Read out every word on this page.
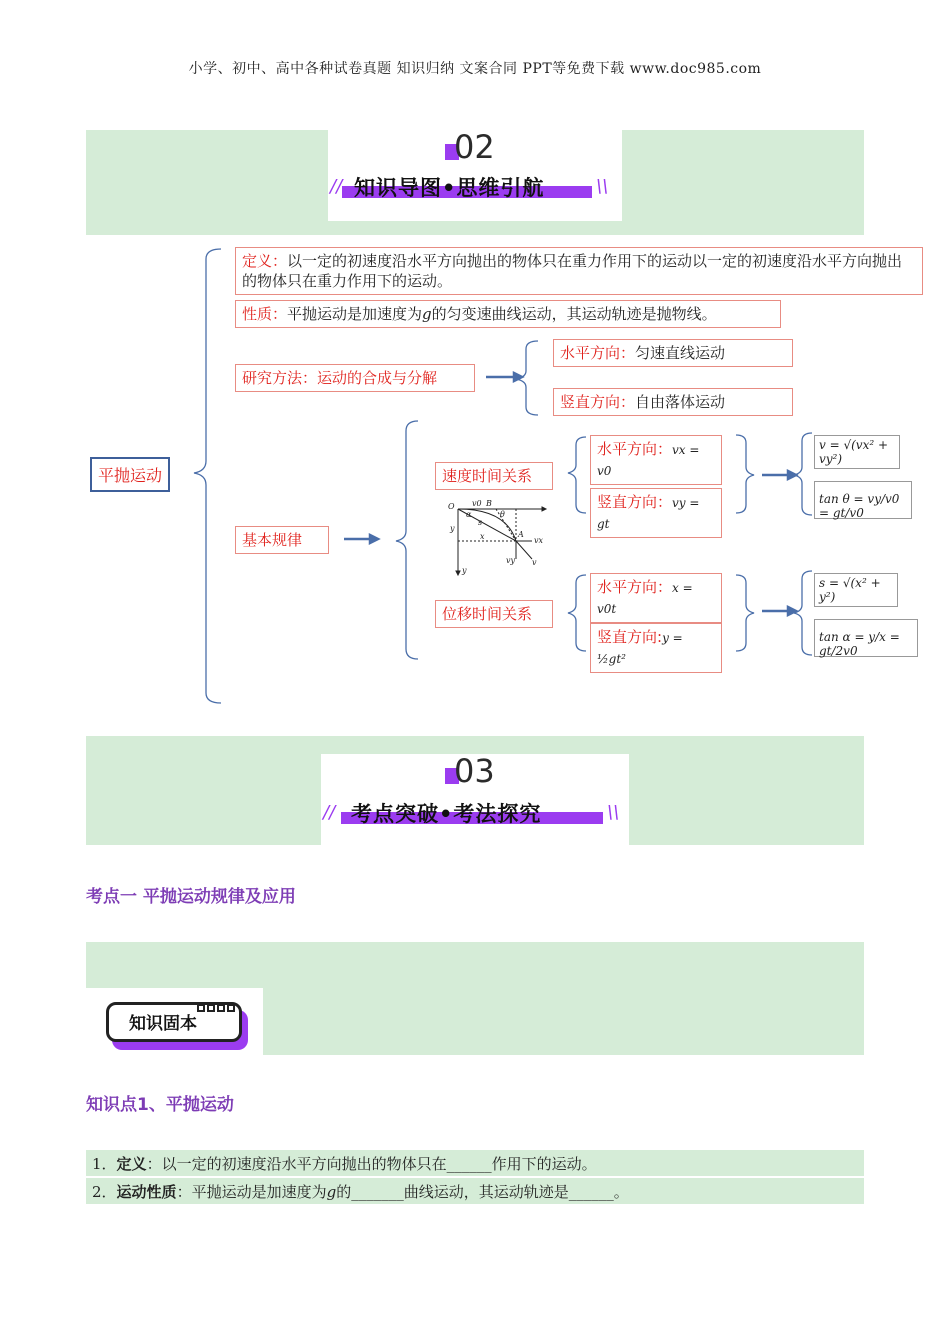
小学、初中、高中各种试卷真题 知识归纳 文案合同 PPT等免费下载 www.doc985.com
02
// 知识导图•思维引航	\\
平抛运动
定义：以一定的初速度沿水平方向抛出的物体只在重力作用下的运动以一定的初速度沿水平方向抛出的物体只在重力作用下的运动。
性质：平抛运动是加速度为g的匀变速曲线运动，其运动轨迹是抛物线。
研究方法：运动的合成与分解
水平方向：匀速直线运动
竖直方向：自由落体运动
基本规律
速度时间关系
位移时间关系
O v0 B
θ
α
s
x	A
vx
vy v
y
y
水平方向：vx = v0
竖直方向：vy = gt
v = √(vx² + vy²)
tan θ = vy/v0 = gt/v0
水平方向：x = v0t
竖直方向:y = ½gt²
s = √(x² + y²)
tan α = y/x = gt/2v0
03
// 考点突破•考法探究	\\
考点一 平抛运动规律及应用
知识固本
知识点1、平抛运动
1．定义：以一定的初速度沿水平方向抛出的物体只在______作用下的运动。
2．运动性质：平抛运动是加速度为g的_______曲线运动，其运动轨迹是______。
